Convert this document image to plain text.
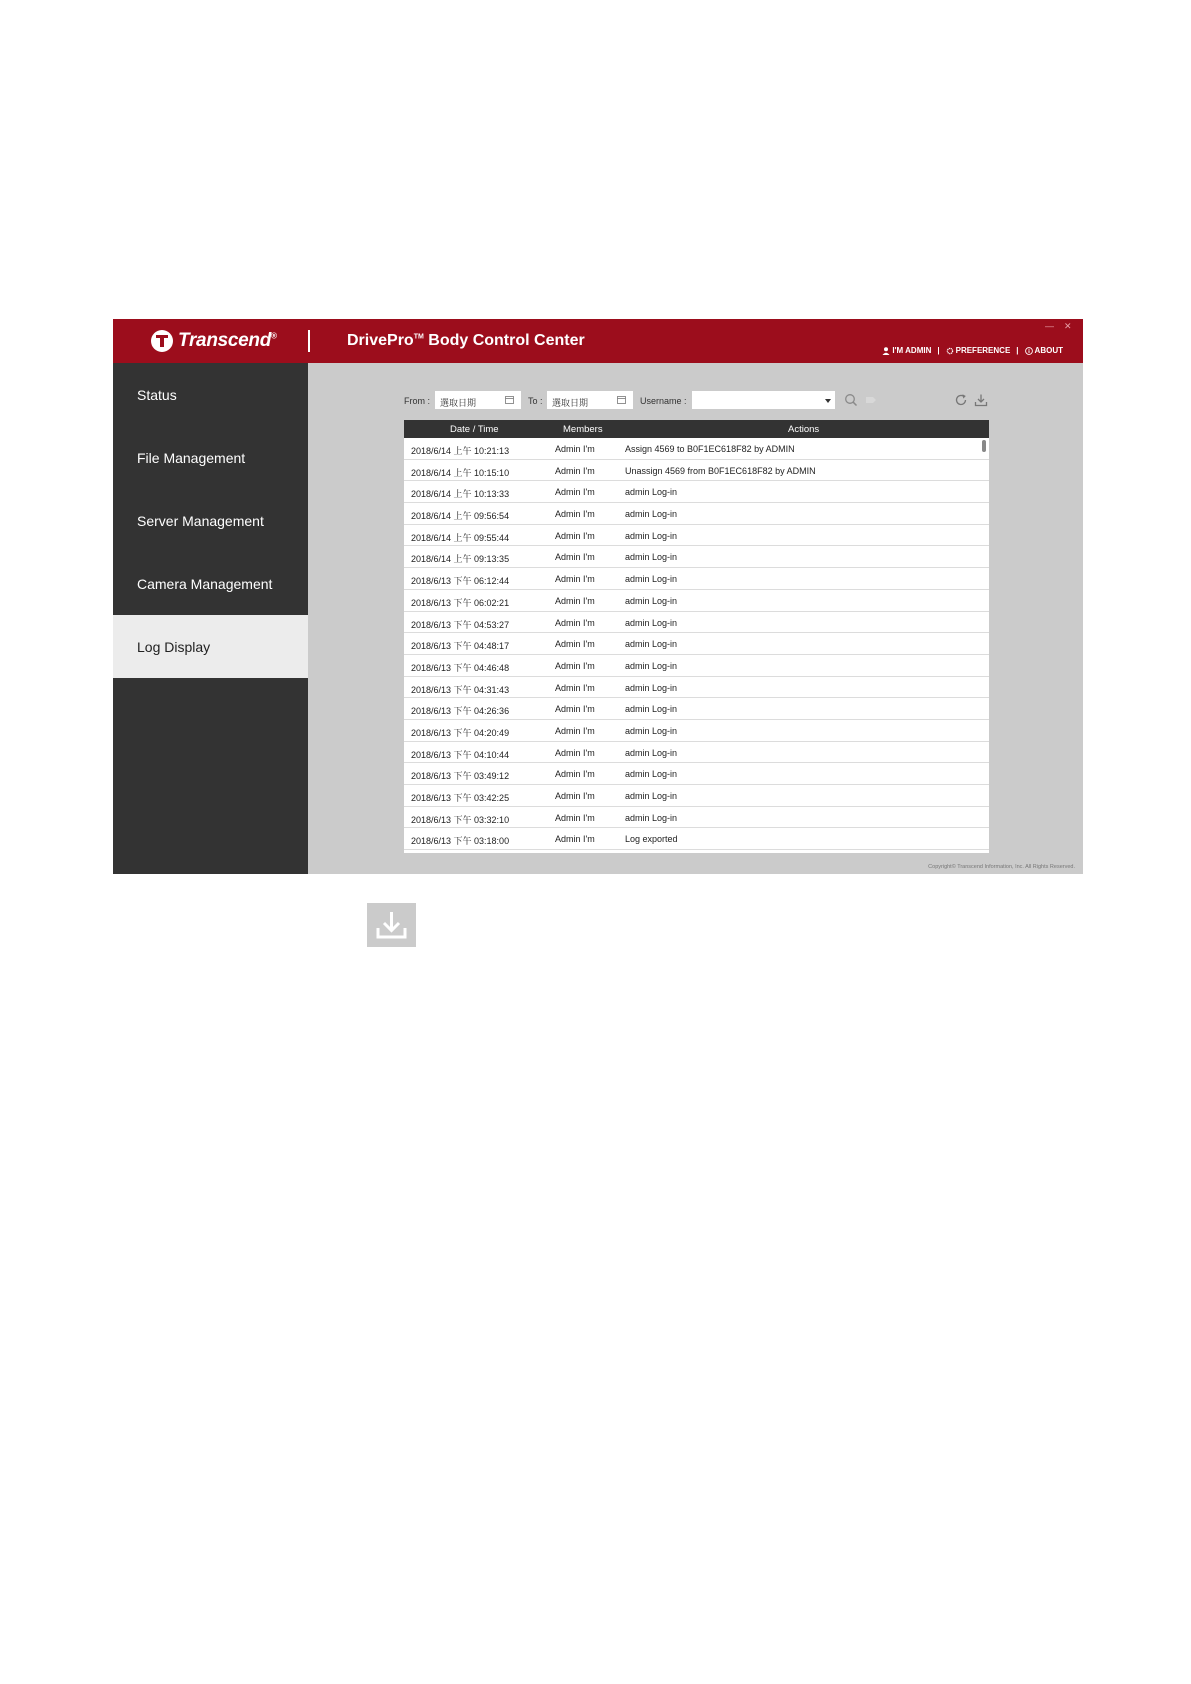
Transcend®	DrivePro™ Body Control Center
— ✕
I'M ADMIN | PREFERENCE | ABOUT
Status
File Management
Server Management
Camera Management
Log Display
From : 選取日期	To : 選取日期	Username :
Date / Time	Members	Actions
2018/6/14 上午 10:21:13	Admin I'm	Assign 4569 to B0F1EC618F82 by ADMIN
2018/6/14 上午 10:15:10	Admin I'm	Unassign 4569 from B0F1EC618F82 by ADMIN
2018/6/14 上午 10:13:33	Admin I'm	admin Log-in
2018/6/14 上午 09:56:54	Admin I'm	admin Log-in
2018/6/14 上午 09:55:44	Admin I'm	admin Log-in
2018/6/14 上午 09:13:35	Admin I'm	admin Log-in
2018/6/13 下午 06:12:44	Admin I'm	admin Log-in
2018/6/13 下午 06:02:21	Admin I'm	admin Log-in
2018/6/13 下午 04:53:27	Admin I'm	admin Log-in
2018/6/13 下午 04:48:17	Admin I'm	admin Log-in
2018/6/13 下午 04:46:48	Admin I'm	admin Log-in
2018/6/13 下午 04:31:43	Admin I'm	admin Log-in
2018/6/13 下午 04:26:36	Admin I'm	admin Log-in
2018/6/13 下午 04:20:49	Admin I'm	admin Log-in
2018/6/13 下午 04:10:44	Admin I'm	admin Log-in
2018/6/13 下午 03:49:12	Admin I'm	admin Log-in
2018/6/13 下午 03:42:25	Admin I'm	admin Log-in
2018/6/13 下午 03:32:10	Admin I'm	admin Log-in
2018/6/13 下午 03:18:00	Admin I'm	Log exported
Copyright© Transcend Information, Inc. All Rights Reserved.
